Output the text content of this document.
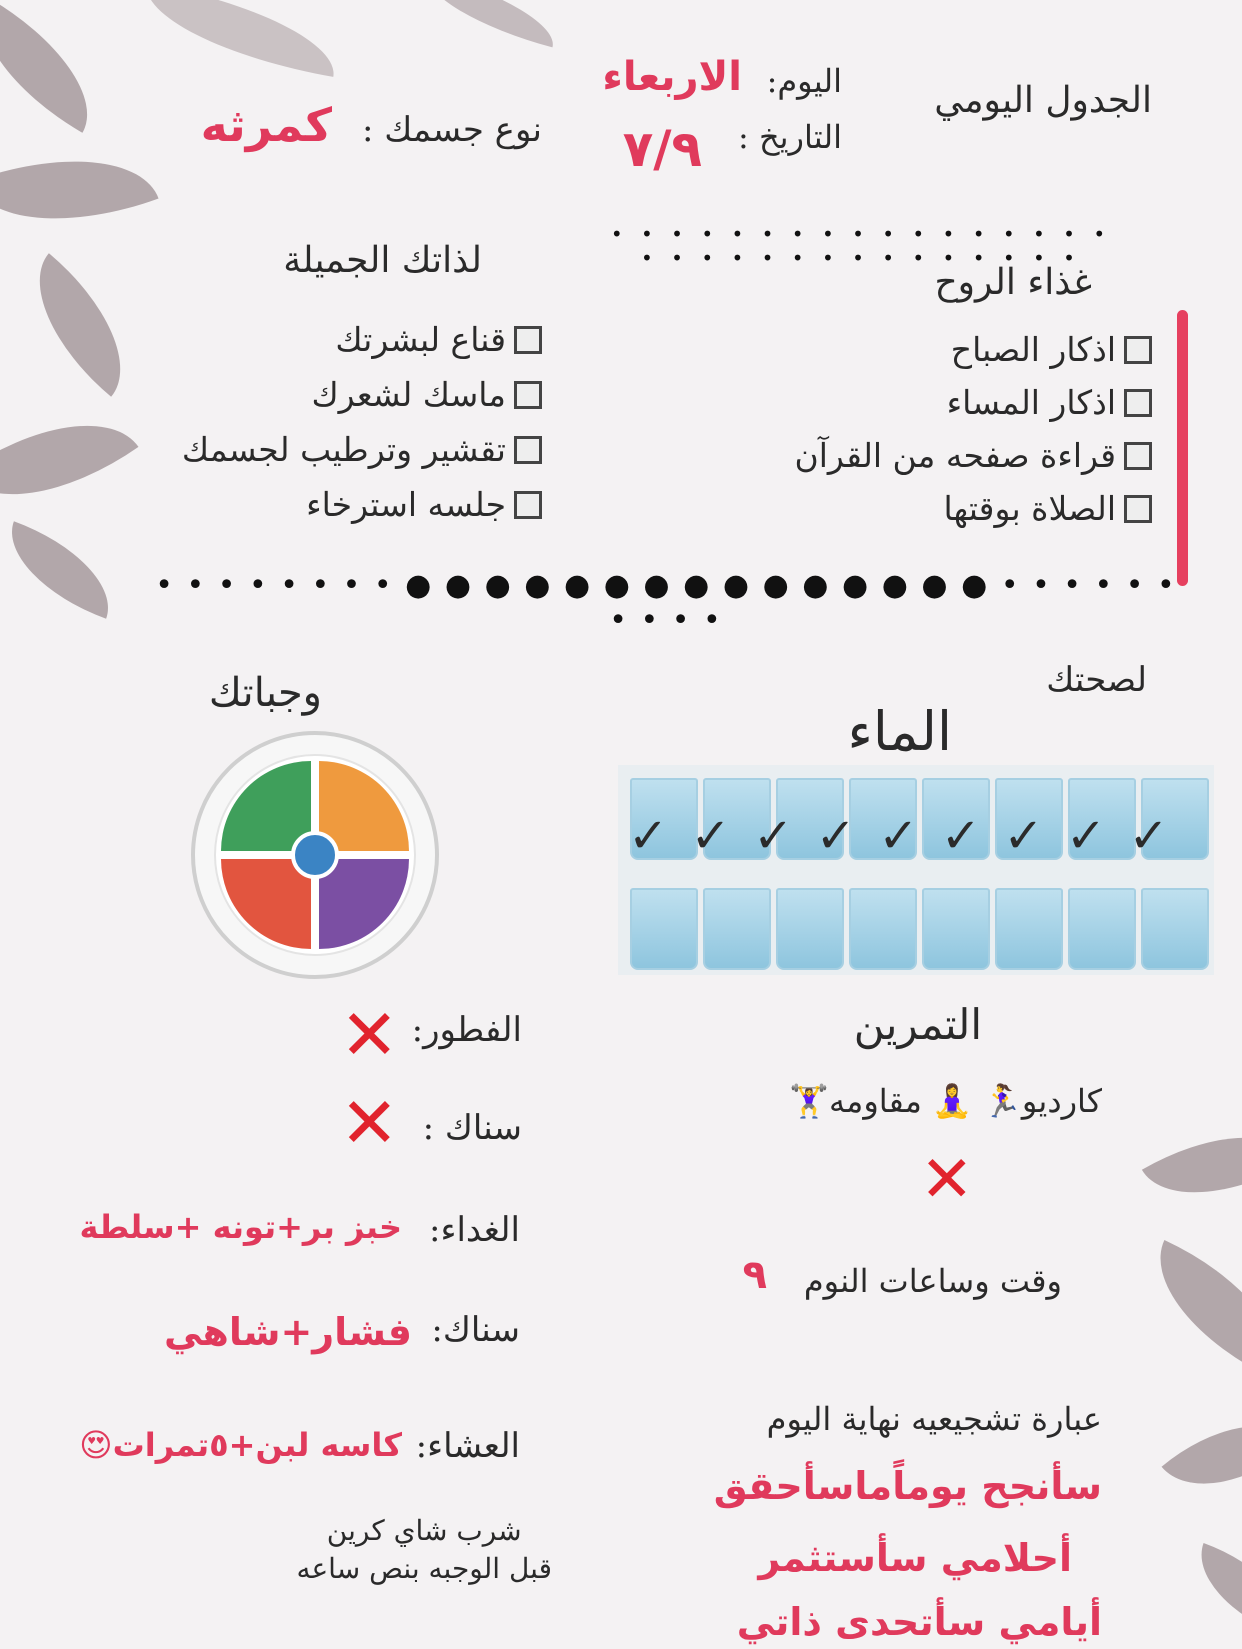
الجدول اليومي
اليوم:
الاربعاء
التاريخ :
٧/٩
نوع جسمك :
كمرثه
• • • • • • • • • • • • • • • • • • • • • • • • • • • • • • • •
غذاء الروح
اذكار الصباح
اذكار المساء
قراءة صفحه من القرآن
الصلاة بوقتها
لذاتك الجميلة
قناع لبشرتك
ماسك لشعرك
تقشير وترطيب لجسمك
جلسه استرخاء
• • • • • • ● ● ● ● ● ● ● ● ● ● ● ● ● ● ● • • • • • • • • • • • •
لصحتك
الماء
✓ ✓ ✓ ✓ ✓ ✓ ✓ ✓ ✓
وجباتك
الفطور:
✕
سناك :
✕
الغداء:
خبز بر+تونه +سلطة
سناك:
فشار+شاهي
العشاء:
كاسه لبن+٥تمرات😍
شرب شاي كرين
قبل الوجبه بنص ساعه
التمرين
كارديو🏃‍♀️ 🧘‍♀️ مقاومه🏋️‍♀️
✕
وقت وساعات النوم
٩
عبارة تشجيعيه نهاية اليوم
سأنجح يوماًماسأحقق
أحلامي سأستثمر
أيامي سأتحدى ذاتي
